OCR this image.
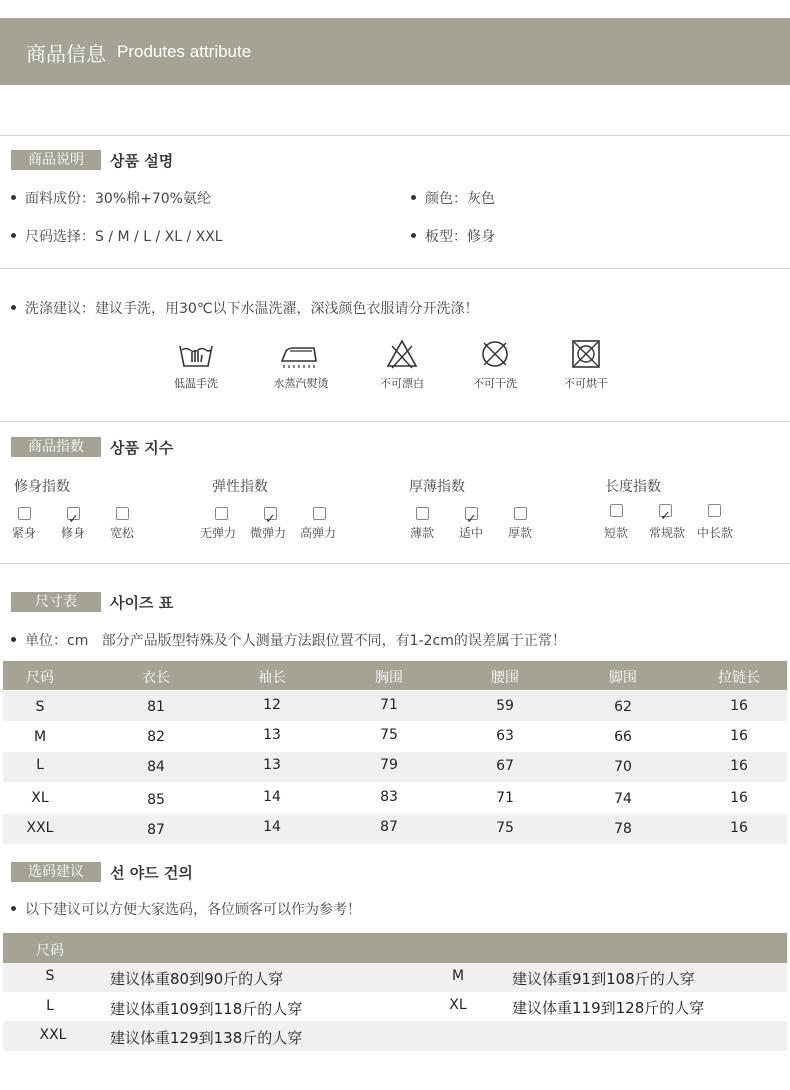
商品信息 Produtes attribute
商品说明	상품 설명
面料成份：30%棉+70%氨纶	颜色：灰色
尺码选择：S / M / L / XL / XXL	板型：修身
洗涤建议：建议手洗，用30℃以下水温洗濯，深浅颜色衣服请分开洗涤！
低温手洗	水蒸汽熨烫	不可漂白	不可干洗	不可烘干
商品指数	상품 지수
修身指数
✓
紧身 修身 宽松
弹性指数
✓
无弹力 微弹力 高弹力
厚薄指数
✓
薄款 适中 厚款
长度指数
✓
短款 常规款 中长款
尺寸表	사이즈 표
单位：cm   部分产品版型特殊及个人测量方法跟位置不同，有1-2cm的误差属于正常！
尺码	衣长	袖长	胸围	腰围	脚围	拉链长
S	81	12	71	59	62	16
M	82	13	75	63	66	16
L	84	13	79	67	70	16
XL	85	14	83	71	74	16
XXL	87	14	87	75	78	16
选码建议	선 야드 건의
以下建议可以方便大家选码，各位顾客可以作为参考！
尺码
S	建议体重80到90斤的人穿	M	建议体重91到108斤的人穿
L	建议体重109到118斤的人穿	XL	建议体重119到128斤的人穿
XXL	建议体重129到138斤的人穿
